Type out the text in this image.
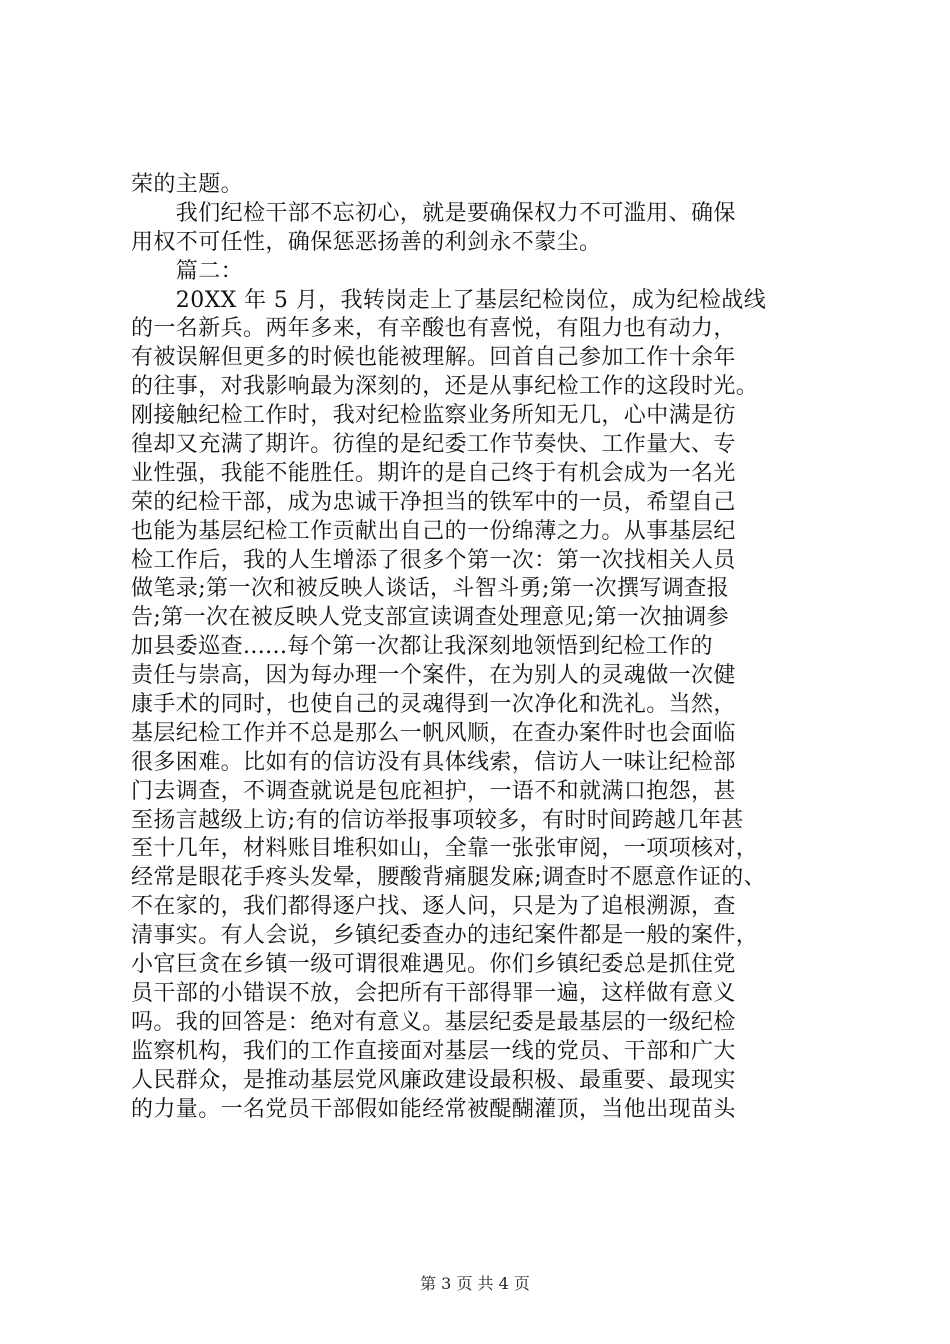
荣的主题。
　　我们纪检干部不忘初心，就是要确保权力不可滥用、确保
用权不可任性，确保惩恶扬善的利剑永不蒙尘。
　　篇二：
　　20XX 年 5 月，我转岗走上了基层纪检岗位，成为纪检战线
的一名新兵。两年多来，有辛酸也有喜悦，有阻力也有动力，
有被误解但更多的时候也能被理解。回首自己参加工作十余年
的往事，对我影响最为深刻的，还是从事纪检工作的这段时光。
刚接触纪检工作时，我对纪检监察业务所知无几，心中满是彷
徨却又充满了期许。彷徨的是纪委工作节奏快、工作量大、专
业性强，我能不能胜任。期许的是自己终于有机会成为一名光
荣的纪检干部，成为忠诚干净担当的铁军中的一员，希望自己
也能为基层纪检工作贡献出自己的一份绵薄之力。从事基层纪
检工作后，我的人生增添了很多个第一次：第一次找相关人员
做笔录;第一次和被反映人谈话，斗智斗勇;第一次撰写调查报
告;第一次在被反映人党支部宣读调查处理意见;第一次抽调参
加县委巡查......每个第一次都让我深刻地领悟到纪检工作的
责任与崇高，因为每办理一个案件，在为别人的灵魂做一次健
康手术的同时，也使自己的灵魂得到一次净化和洗礼。当然，
基层纪检工作并不总是那么一帆风顺，在查办案件时也会面临
很多困难。比如有的信访没有具体线索，信访人一味让纪检部
门去调查，不调查就说是包庇袒护，一语不和就满口抱怨，甚
至扬言越级上访;有的信访举报事项较多，有时时间跨越几年甚
至十几年，材料账目堆积如山，全靠一张张审阅，一项项核对，
经常是眼花手疼头发晕，腰酸背痛腿发麻;调查时不愿意作证的、
不在家的，我们都得逐户找、逐人问，只是为了追根溯源，查
清事实。有人会说，乡镇纪委查办的违纪案件都是一般的案件，
小官巨贪在乡镇一级可谓很难遇见。你们乡镇纪委总是抓住党
员干部的小错误不放，会把所有干部得罪一遍，这样做有意义
吗。我的回答是：绝对有意义。基层纪委是最基层的一级纪检
监察机构，我们的工作直接面对基层一线的党员、干部和广大
人民群众，是推动基层党风廉政建设最积极、最重要、最现实
的力量。一名党员干部假如能经常被醍醐灌顶，当他出现苗头
第 3 页 共 4 页
